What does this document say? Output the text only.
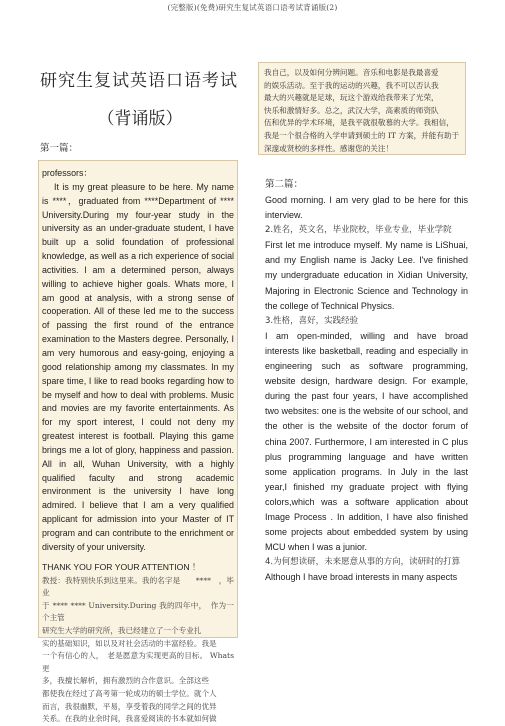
(完整版)(免费)研究生复试英语口语考试背诵版(2)
研究生复试英语口语考试
（背诵版）
第一篇：
第二篇：

我自己，以及如何分辨问题。音乐和电影是我最喜爱

的娱乐活动。至于我的运动的兴趣，我不可以否认我

最大的兴趣就是足球，玩这个游戏给我带来了光荣，

快乐和激情好多。总之，武汉大学，高素质的师资队

伍和优异的学术环境，是我平就很敬慕的大学。我相信，

我是一个很合格的入学申请到硕士的 IT 方案，并能有助于

深邃或贤校的多样性。感谢您的关注！

professors：

It is my great pleasure to be here. My name is ****，graduated from ****Department of **** University.During my four-year study in the university as an under-graduate student, I have built up a solid foundation of professional knowledge, as well as a rich experience of social activities. I am a determined person, always willing to achieve higher goals. Whats more, I am good at analysis, with a strong sense of cooperation. All of these led me to the success of passing the first round of the entrance examination to the Masters degree. Personally, I am very humorous and easy-going, enjoying a good relationship among my classmates. In my spare time, I like to read books regarding how to be myself and how to deal with problems. Music and movies are my favorite entertainments. As for my sport interest, I could not deny my greatest interest is football. Playing this game brings me a lot of glory, happiness and passion. All in all, Wuhan University, with a highly qualified faculty and strong academic environment is the university I have long admired. I believe that I am a very qualified applicant for admission into your Master of IT program and can contribute to the enrichment or diversity of your university.

THANK YOU FOR YOUR ATTENTION ！

教授：我特别快乐到这里来。我的名字是　　****　，毕业

于 **** **** University.During 我的四年中，　作为一个主管

研究生大学的研究所，我已经建立了一个专业扎

实的基础知识，如以及对社会活动的丰富经验。我是

一个有信心的人，　老是愿意为实现更高的目标。 Whats 更

多，我擅长解析，拥有激烈的合作意识。全部这些

都使我在经过了高考第一轮成功的硕士学位。就个人

而言，我很幽默，平易，享受着我的同学之间的优异

关系。在我的业余时间，我喜爱阅读的书本就如何做

Good morning. I am very glad to be here for this interview.

2.姓名，英文名，毕业院校，毕业专业，毕业学院

First let me introduce myself. My name is LiShuai, and my English name is Jacky Lee. I've finished my undergraduate education in Xidian University, Majoring in Electronic Science and Technology in the college of Technical Physics.

3.性格，喜好，实践经验

I am open-minded, willing and have broad interests like basketball, reading and especially in engineering such as software programming, website design, hardware design. For example, during the past four years, I have accomplished two websites: one is the website of our school, and the other is the website of the doctor forum of china 2007. Furthermore, I am interested in C plus plus programming language and have written some application programs. In July in the last year,I finished my graduate project with flying colors,which was a software application about Image Process . In addition, I have also finished some projects about embedded system by using MCU when I was a junior.

4.为何想读研，未来愿意从事的方向，读研时的打算

Although I have broad interests in many aspects
